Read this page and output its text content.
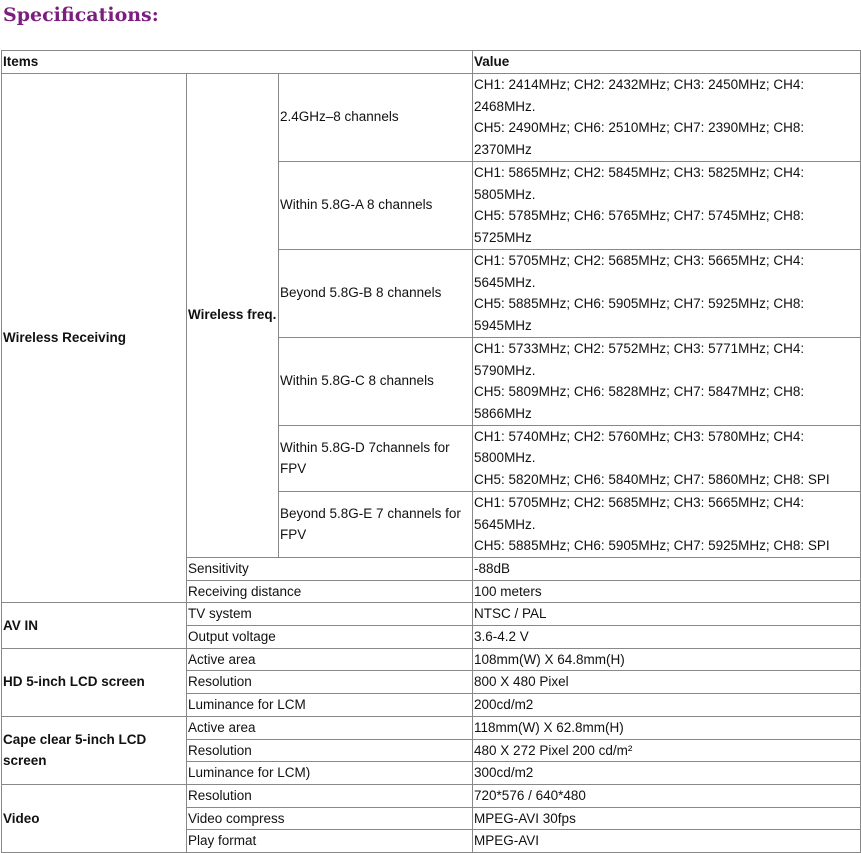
Specifications:
Items			Value
Wireless Receiving	Wireless freq.	2.4GHz–8 channels	CH1: 2414MHz; CH2: 2432MHz; CH3: 2450MHz; CH4:
2468MHz.
CH5: 2490MHz; CH6: 2510MHz; CH7: 2390MHz; CH8:
2370MHz

		Within 5.8G-A 8 channels	CH1: 5865MHz; CH2: 5845MHz; CH3: 5825MHz; CH4:
5805MHz.
CH5: 5785MHz; CH6: 5765MHz; CH7: 5745MHz; CH8:
5725MHz

		Beyond 5.8G-B 8 channels	CH1: 5705MHz; CH2: 5685MHz; CH3: 5665MHz; CH4:
5645MHz.
CH5: 5885MHz; CH6: 5905MHz; CH7: 5925MHz; CH8:
5945MHz

		Within 5.8G-C 8 channels	CH1: 5733MHz; CH2: 5752MHz; CH3: 5771MHz; CH4:
5790MHz.
CH5: 5809MHz; CH6: 5828MHz; CH7: 5847MHz; CH8:
5866MHz

		Within 5.8G-D 7channels for FPV	CH1: 5740MHz; CH2: 5760MHz; CH3: 5780MHz; CH4:
5800MHz.
CH5: 5820MHz; CH6: 5840MHz; CH7: 5860MHz; CH8: SPI

		Beyond 5.8G-E 7 channels for FPV	CH1: 5705MHz; CH2: 5685MHz; CH3: 5665MHz; CH4:
5645MHz.
CH5: 5885MHz; CH6: 5905MHz; CH7: 5925MHz; CH8: SPI

	Sensitivity		-88dB
	Receiving distance		100 meters
AV IN	TV system		NTSC / PAL
	Output voltage		3.6-4.2 V
HD 5-inch LCD screen	Active area		108mm(W) X 64.8mm(H)
	Resolution		800 X 480 Pixel
	Luminance for LCM		200cd/m2
Cape clear 5-inch LCD screen	Active area		118mm(W) X 62.8mm(H)
	Resolution		480 X 272 Pixel 200 cd/m²
	Luminance for LCM)		300cd/m2
Video	Resolution		720*576 / 640*480
	Video compress		MPEG-AVI 30fps
	Play format		MPEG-AVI
